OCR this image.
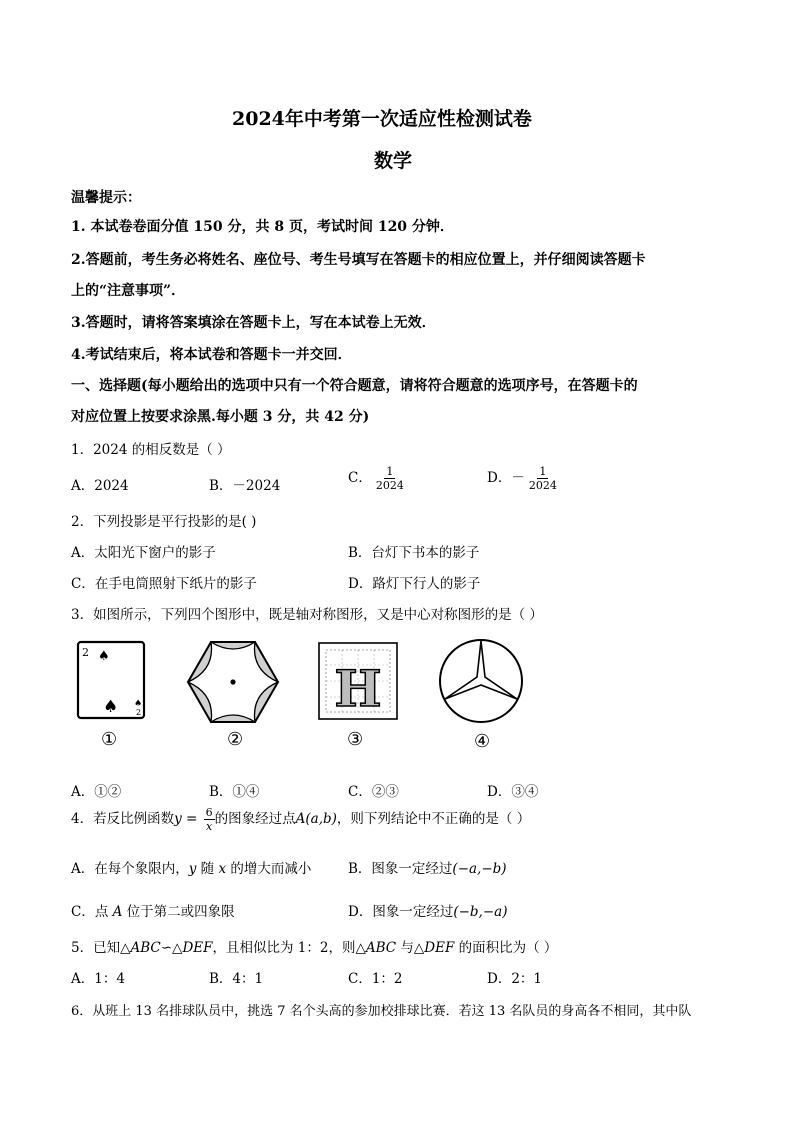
2024年中考第一次适应性检测试卷
数学
温馨提示：
1. 本试卷卷面分值 150 分，共 8 页，考试时间 120 分钟．
2.答题前，考生务必将姓名、座位号、考生号填写在答题卡的相应位置上，并仔细阅读答题卡
上的“注意事项”．
3.答题时，请将答案填涂在答题卡上，写在本试卷上无效．
4.考试结束后，将本试卷和答题卡一并交回．
一、选择题(每小题给出的选项中只有一个符合题意，请将符合题意的选项序号，在答题卡的
对应位置上按要求涂黑.每小题 3 分，共 42 分)
1．2024 的相反数是（ ）
A．2024	B．－2024	C． $\frac{1}{2024}$	D．－ $\frac{1}{2024}$
2．下列投影是平行投影的是( )
A．太阳光下窗户的影子	B．台灯下书本的影子
C．在手电筒照射下纸片的影子	D．路灯下行人的影子
3．如图所示，下列四个图形中，既是轴对称图形，又是中心对称图形的是（ ）
2 ♠
♠ ♠
2	H
①	②	③	④
A．①②	B．①④	C．②③	D．③④
4．若反比例函数$y = \frac{6}{x}$ 的图象经过点A(a,b)，则下列结论中不正确的是（ ）
A．在每个象限内，y 随 x 的增大而减小	B．图象一定经过(−a,−b)
C．点 A 位于第二或四象限	D．图象一定经过(−b,−a)
5．已知△ABC∽△DEF，且相似比为 1：2，则△ABC 与△DEF 的面积比为（ ）
A．1：4	B．4：1	C．1：2	D．2：1
6．从班上 13 名排球队员中，挑选 7 名个头高的参加校排球比赛．若这 13 名队员的身高各不相同，其中队
